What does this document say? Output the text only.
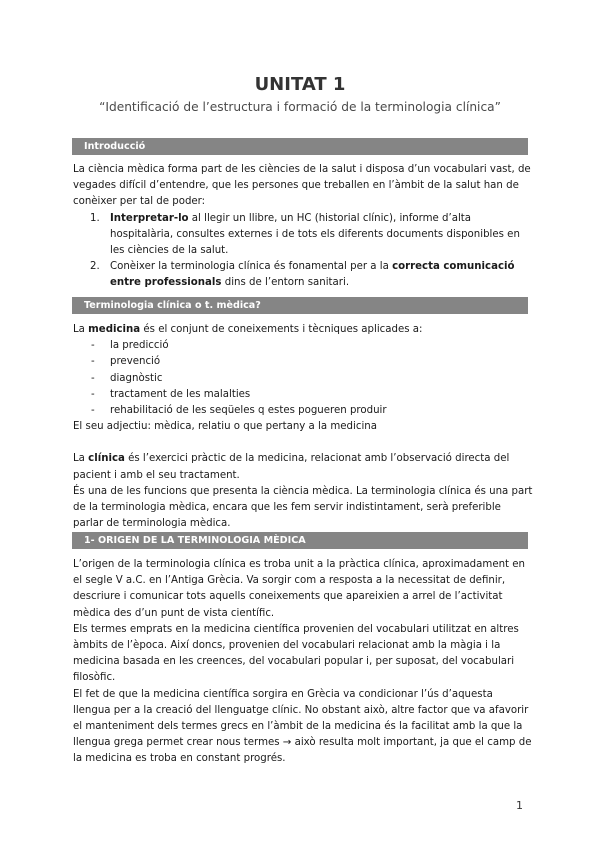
UNITAT 1
“Identificació de l’estructura i formació de la terminologia clínica”
Introducció

La ciència mèdica forma part de les ciències de la salut i disposa d’un vocabulari vast, de vegades difícil d’entendre, que les persones que treballen en l’àmbit de la salut han de conèixer per tal de poder:

1. Interpretar-lo al llegir un llibre, un HC (historial clínic), informe d’alta hospitalària, consultes externes i de tots els diferents documents disponibles en les ciències de la salut.
2. Conèixer la terminologia clínica és fonamental per a la correcta comunicació entre professionals dins de l’entorn sanitari.
Terminologia clínica o t. mèdica?

La medicina és el conjunt de coneixements i tècniques aplicades a:

- la predicció
- prevenció
- diagnòstic
- tractament de les malalties
- rehabilitació de les seqüeles q estes pogueren produir

El seu adjectiu: mèdica, relatiu o que pertany a la medicina

La clínica és l’exercici pràctic de la medicina, relacionat amb l’observació directa del pacient i amb el seu tractament.

És una de les funcions que presenta la ciència mèdica. La terminologia clínica és una part de la terminologia mèdica, encara que les fem servir indistintament, serà preferible parlar de terminologia mèdica.

1- ORIGEN DE LA TERMINOLOGIA MÈDICA

L’origen de la terminologia clínica es troba unit a la pràctica clínica, aproximadament en el segle V a.C. en l’Antiga Grècia. Va sorgir com a resposta a la necessitat de definir, descriure i comunicar tots aquells coneixements que apareixien a arrel de l’activitat mèdica des d’un punt de vista científic.

Els termes emprats en la medicina científica provenien del vocabulari utilitzat en altres àmbits de l’època. Així doncs, provenien del vocabulari relacionat amb la màgia i la medicina basada en les creences, del vocabulari popular i, per suposat, del vocabulari filosòfic.

El fet de que la medicina científica sorgira en Grècia va condicionar l’ús d’aquesta llengua per a la creació del llenguatge clínic. No obstant això, altre factor que va afavorir el manteniment dels termes grecs en l’àmbit de la medicina és la facilitat amb la que la llengua grega permet crear nous termes → això resulta molt important, ja que el camp de la medicina es troba en constant progrés.

1
